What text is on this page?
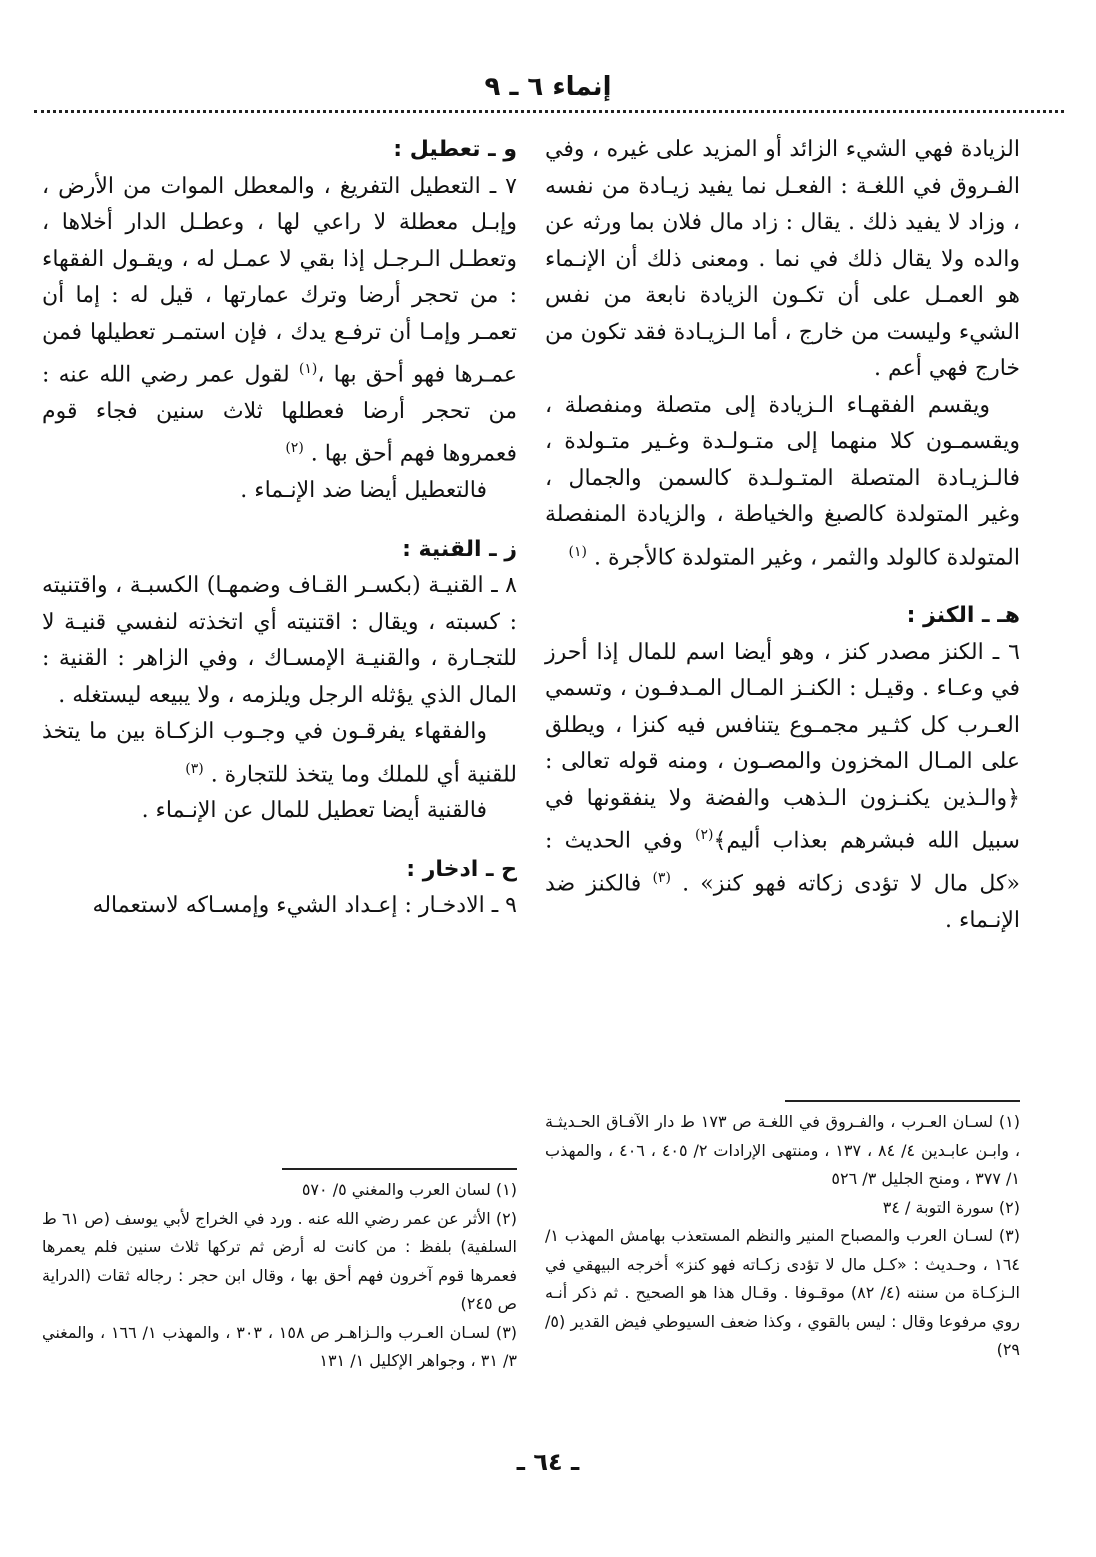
إنماء ٦ ـ ٩

الزيادة فهي الشيء الزائد أو المزيد على غيره ، وفي الفـروق في اللغـة : الفعـل نما يفيد زيـادة من نفسه ، وزاد لا يفيد ذلك . يقال : زاد مال فلان بما ورثه عن والده ولا يقال ذلك في نما . ومعنى ذلك أن الإنـماء هو العمـل على أن تكـون الزيادة نابعة من نفس الشيء وليست من خارج ، أما الـزيـادة فقد تكون من خارج فهي أعم .

ويقسم الفقهـاء الـزيادة إلى متصلة ومنفصلة ، ويقسمـون كلا منهما إلى متـولـدة وغـير متـولدة ، فالـزيـادة المتصلة المتـولـدة كالسمن والجمال ، وغير المتولدة كالصبغ والخياطة ، والزيادة المنفصلة المتولدة كالولد والثمر ، وغير المتولدة كالأجرة . $^{(١)}$

هـ ـ الكنز :

٦ ـ الكنز مصدر كنز ، وهو أيضا اسم للمال إذا أحرز في وعـاء . وقيـل : الكنـز المـال المـدفـون ، وتسمي العـرب كل كثـير مجمـوع يتنافس فيه كنزا ، ويطلق على المـال المخزون والمصـون ، ومنه قوله تعالى : ﴿والـذين يكنـزون الـذهب والفضة ولا ينفقونها في سبيل الله فبشرهم بعذاب أليم﴾$^{(٢)}$ وفي الحديث : «كل مال لا تؤدى زكاته فهو كنز» . $^{(٣)}$ فالكنز ضد الإنـماء .

و ـ تعطيل :

٧ ـ التعطيل التفريغ ، والمعطل الموات من الأرض ، وإبـل معطلة لا راعي لها ، وعطـل الدار أخلاها ، وتعطـل الـرجـل إذا بقي لا عمـل له ، ويقـول الفقهاء : من تحجر أرضا وترك عمارتها ، قيل له : إما أن تعمـر وإمـا أن ترفـع يدك ، فإن استمـر تعطيلها فمن عمـرها فهو أحق بها ،$^{(١)}$ لقول عمر رضي الله عنه : من تحجر أرضا فعطلها ثلاث سنين فجاء قوم فعمروها فهم أحق بها . $^{(٢)}$

فالتعطيل أيضا ضد الإنـماء .

ز ـ القنية :

٨ ـ القنيـة (بكسـر القـاف وضمهـا) الكسبـة ، واقتنيته : كسبته ، ويقال : اقتنيته أي اتخذته لنفسي قنيـة لا للتجـارة ، والقنيـة الإمسـاك ، وفي الزاهر : القنية : المال الذي يؤثله الرجل ويلزمه ، ولا يبيعه ليستغله .

والفقهاء يفرقـون في وجـوب الزكـاة بين ما يتخذ للقنية أي للملك وما يتخذ للتجارة . $^{(٣)}$

فالقنية أيضا تعطيل للمال عن الإنـماء .

ح ـ ادخار :

٩ ـ الادخـار : إعـداد الشيء وإمسـاكه لاستعماله

(١) لسـان العـرب ، والفـروق في اللغـة ص ١٧٣ ط دار الآفـاق الحـديثـة ، وابـن عابـدين ٤/ ٨٤ ، ١٣٧ ، ومنتهى الإرادات ٢/ ٤٠٥ ، ٤٠٦ ، والمهذب ١/ ٣٧٧ ، ومنح الجليل ٣/ ٥٢٦

(٢) سورة التوبة / ٣٤

(٣) لسـان العرب والمصباح المنير والنظم المستعذب بهامش المهذب ١/ ١٦٤ ، وحـديث : «كـل مال لا تؤدى زكـاته فهو كنز» أخرجه البيهقي في الـزكـاة من سننه (٤/ ٨٢) موقـوفا . وقـال هذا هو الصحيح . ثم ذكر أنـه روي مرفوعا وقال : ليس بالقوي ، وكذا ضعف السيوطي فيض القدير (٥/ ٢٩)

(١) لسان العرب والمغني ٥/ ٥٧٠

(٢) الأثر عن عمر رضي الله عنه . ورد في الخراج لأبي يوسف (ص ٦١ ط السلفية) بلفظ : من كانت له أرض ثم تركها ثلاث سنين فلم يعمرها فعمرها قوم آخرون فهم أحق بها ، وقال ابن حجر : رجاله ثقات (الدراية ص ٢٤٥)

(٣) لسـان العـرب والـزاهـر ص ١٥٨ ، ٣٠٣ ، والمهذب ١/ ١٦٦ ، والمغني ٣/ ٣١ ، وجواهر الإكليل ١/ ١٣١

ـ ٦٤ ـ
